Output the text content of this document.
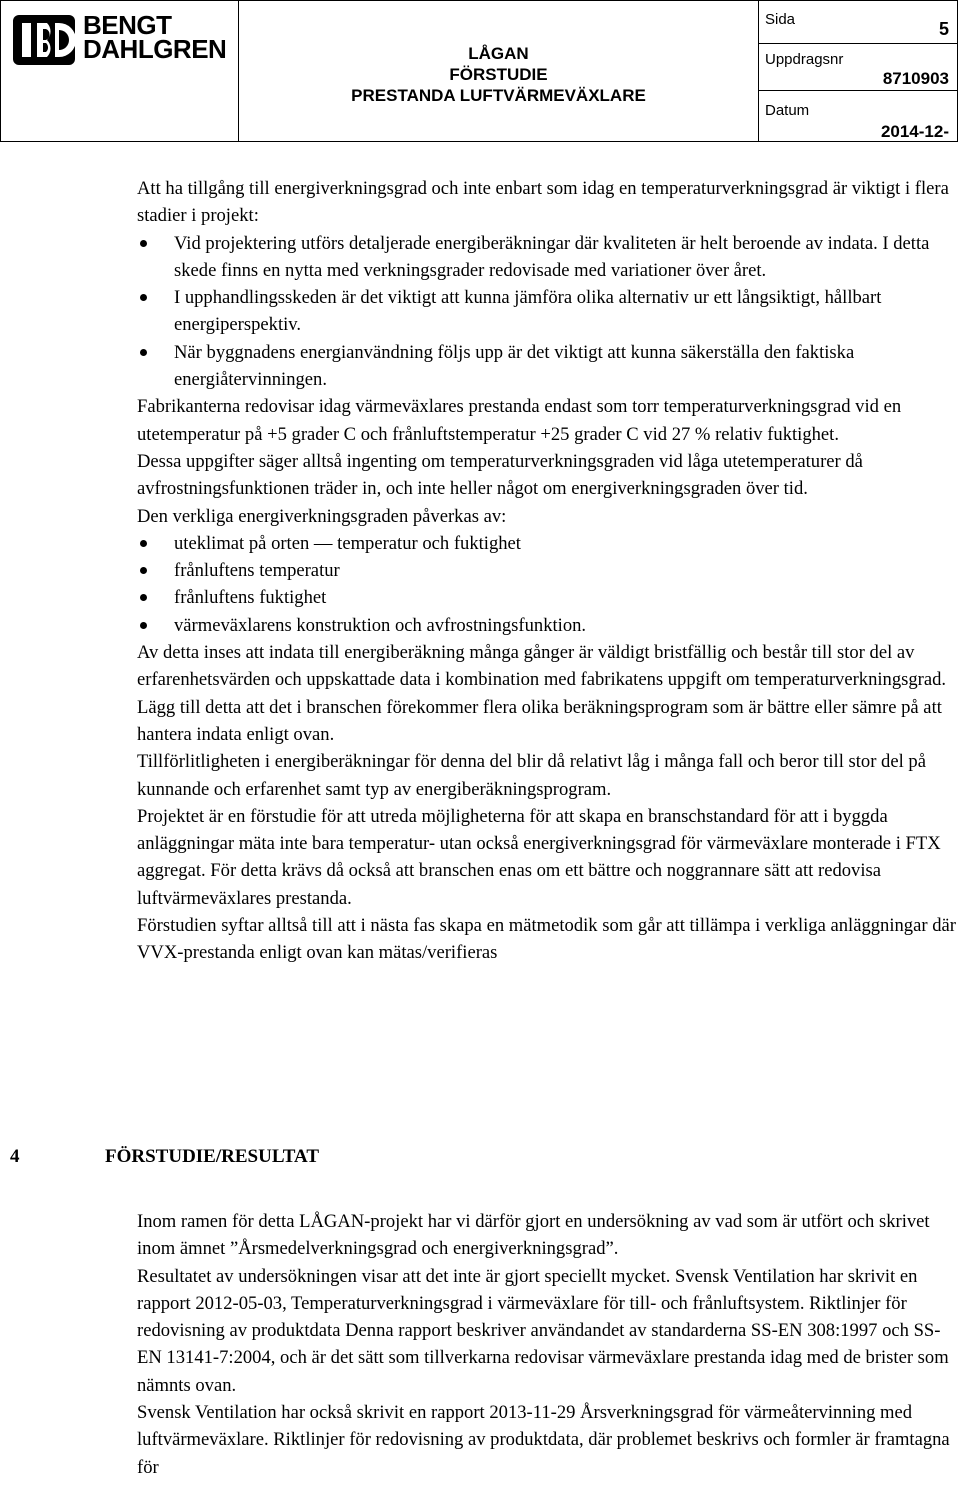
BENGT
DAHLGREN	LÅGAN
FÖRSTUDIE
PRESTANDA LUFTVÄRMEVÄXLARE
Sida	5
Uppdragsnr
8710903
Datum
2014-12-

Att ha tillgång till energiverkningsgrad och inte enbart som idag en temperaturverkningsgrad är viktigt i flera stadier i projekt:

Vid projektering utförs detaljerade energiberäkningar där kvaliteten är helt beroende av indata. I detta skede finns en nytta med verkningsgrader redovisade med variationer över året.
I upphandlingsskeden är det viktigt att kunna jämföra olika alternativ ur ett långsiktigt, hållbart energiperspektiv.
När byggnadens energianvändning följs upp är det viktigt att kunna säkerställa den faktiska energiåtervinningen.

Fabrikanterna redovisar idag värmeväxlares prestanda endast som torr temperaturverkningsgrad vid en utetemperatur på +5 grader C och frånluftstemperatur +25 grader C vid 27 % relativ fuktighet.

Dessa uppgifter säger alltså ingenting om temperaturverkningsgraden vid låga utetemperaturer då avfrostningsfunktionen träder in, och inte heller något om energiverkningsgraden över tid.

Den verkliga energiverkningsgraden påverkas av:

uteklimat på orten — temperatur och fuktighet
frånluftens temperatur
frånluftens fuktighet
värmeväxlarens konstruktion och avfrostningsfunktion.

Av detta inses att indata till energiberäkning många gånger är väldigt bristfällig och består till stor del av erfarenhetsvärden och uppskattade data i kombination med fabrikatens uppgift om temperaturverkningsgrad.

Lägg till detta att det i branschen förekommer flera olika beräkningsprogram som är bättre eller sämre på att hantera indata enligt ovan.

Tillförlitligheten i energiberäkningar för denna del blir då relativt låg i många fall och beror till stor del på kunnande och erfarenhet samt typ av energiberäkningsprogram.

Projektet är en förstudie för att utreda möjligheterna för att skapa en branschstandard för att i byggda anläggningar mäta inte bara temperatur- utan också energiverkningsgrad för värmeväxlare monterade i FTX aggregat. För detta krävs då också att branschen enas om ett bättre och noggrannare sätt att redovisa luftvärmeväxlares prestanda.

Förstudien syftar alltså till att i nästa fas skapa en mätmetodik som går att tillämpa i verkliga anläggningar där VVX-prestanda enligt ovan kan mätas/verifieras

4	FÖRSTUDIE/RESULTAT

Inom ramen för detta LÅGAN-projekt har vi därför gjort en undersökning av vad som är utfört och skrivet inom ämnet ”Årsmedelverkningsgrad och energiverkningsgrad”.

Resultatet av undersökningen visar att det inte är gjort speciellt mycket. Svensk Ventilation har skrivit en rapport 2012-05-03, Temperaturverkningsgrad i värmeväxlare för till- och frånluftsystem. Riktlinjer för redovisning av produktdata Denna rapport beskriver användandet av standarderna SS-EN 308:1997 och SS-EN 13141-7:2004, och är det sätt som tillverkarna redovisar värmeväxlare prestanda idag med de brister som nämnts ovan.

Svensk Ventilation har också skrivit en rapport 2013-11-29 Årsverkningsgrad för värmeåtervinning med luftvärmeväxlare. Riktlinjer för redovisning av produktdata, där problemet beskrivs och formler är framtagna för
